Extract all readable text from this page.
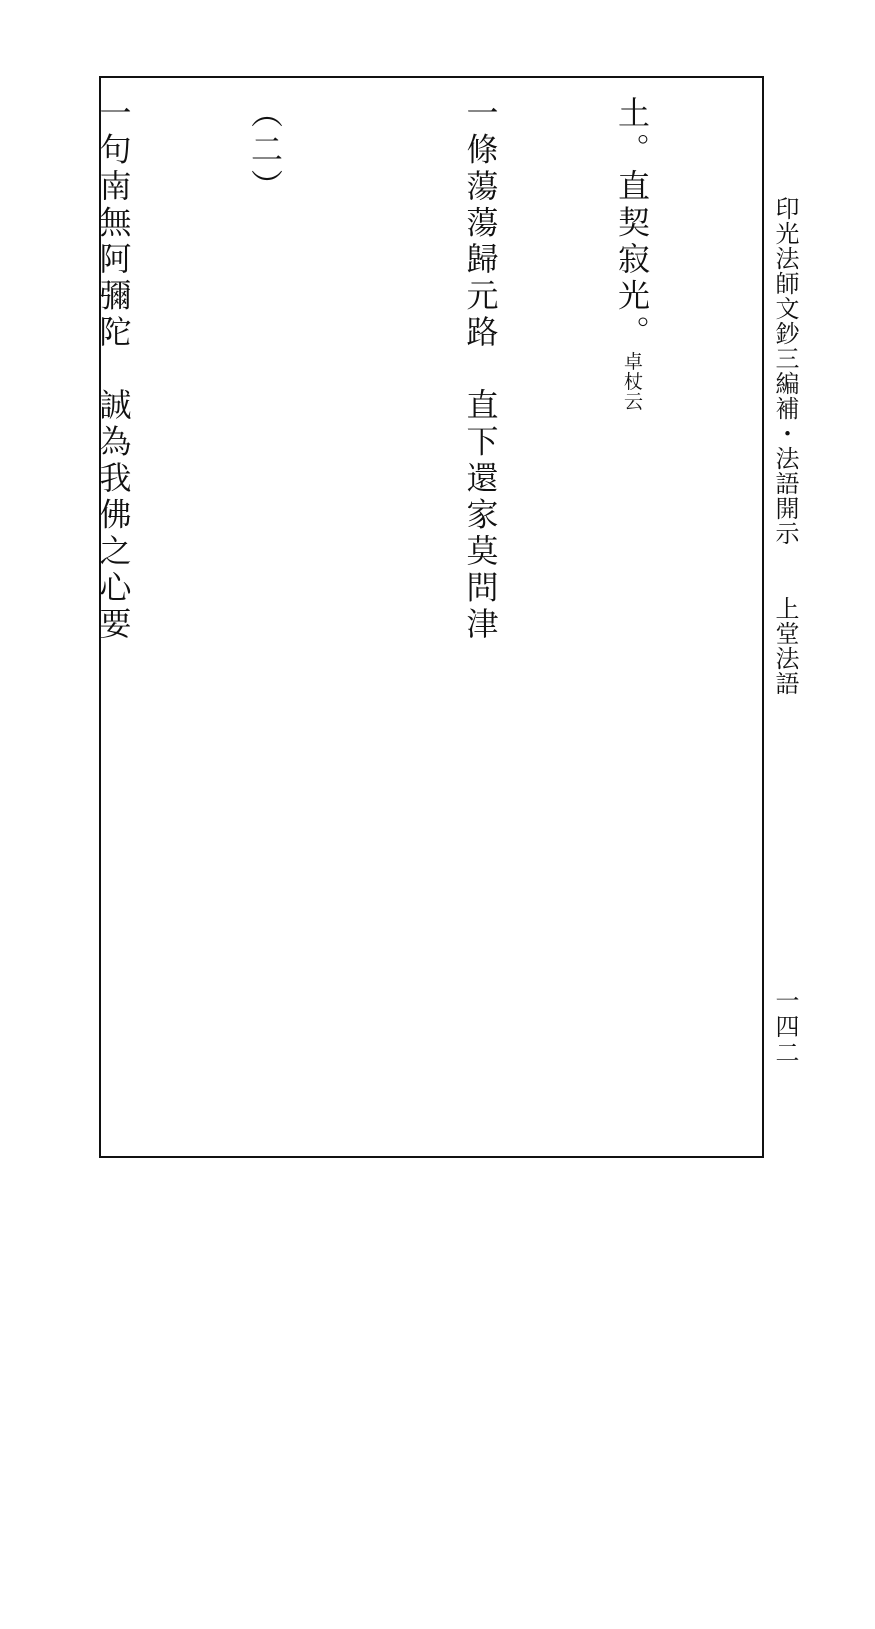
印光法師文鈔三編補・法語開示　　上堂法語
一四二

土。直契寂光。卓杖云

一條蕩蕩歸元路　直下還家莫問津

（二）

一句南無阿彌陀　誠為我佛之心要
